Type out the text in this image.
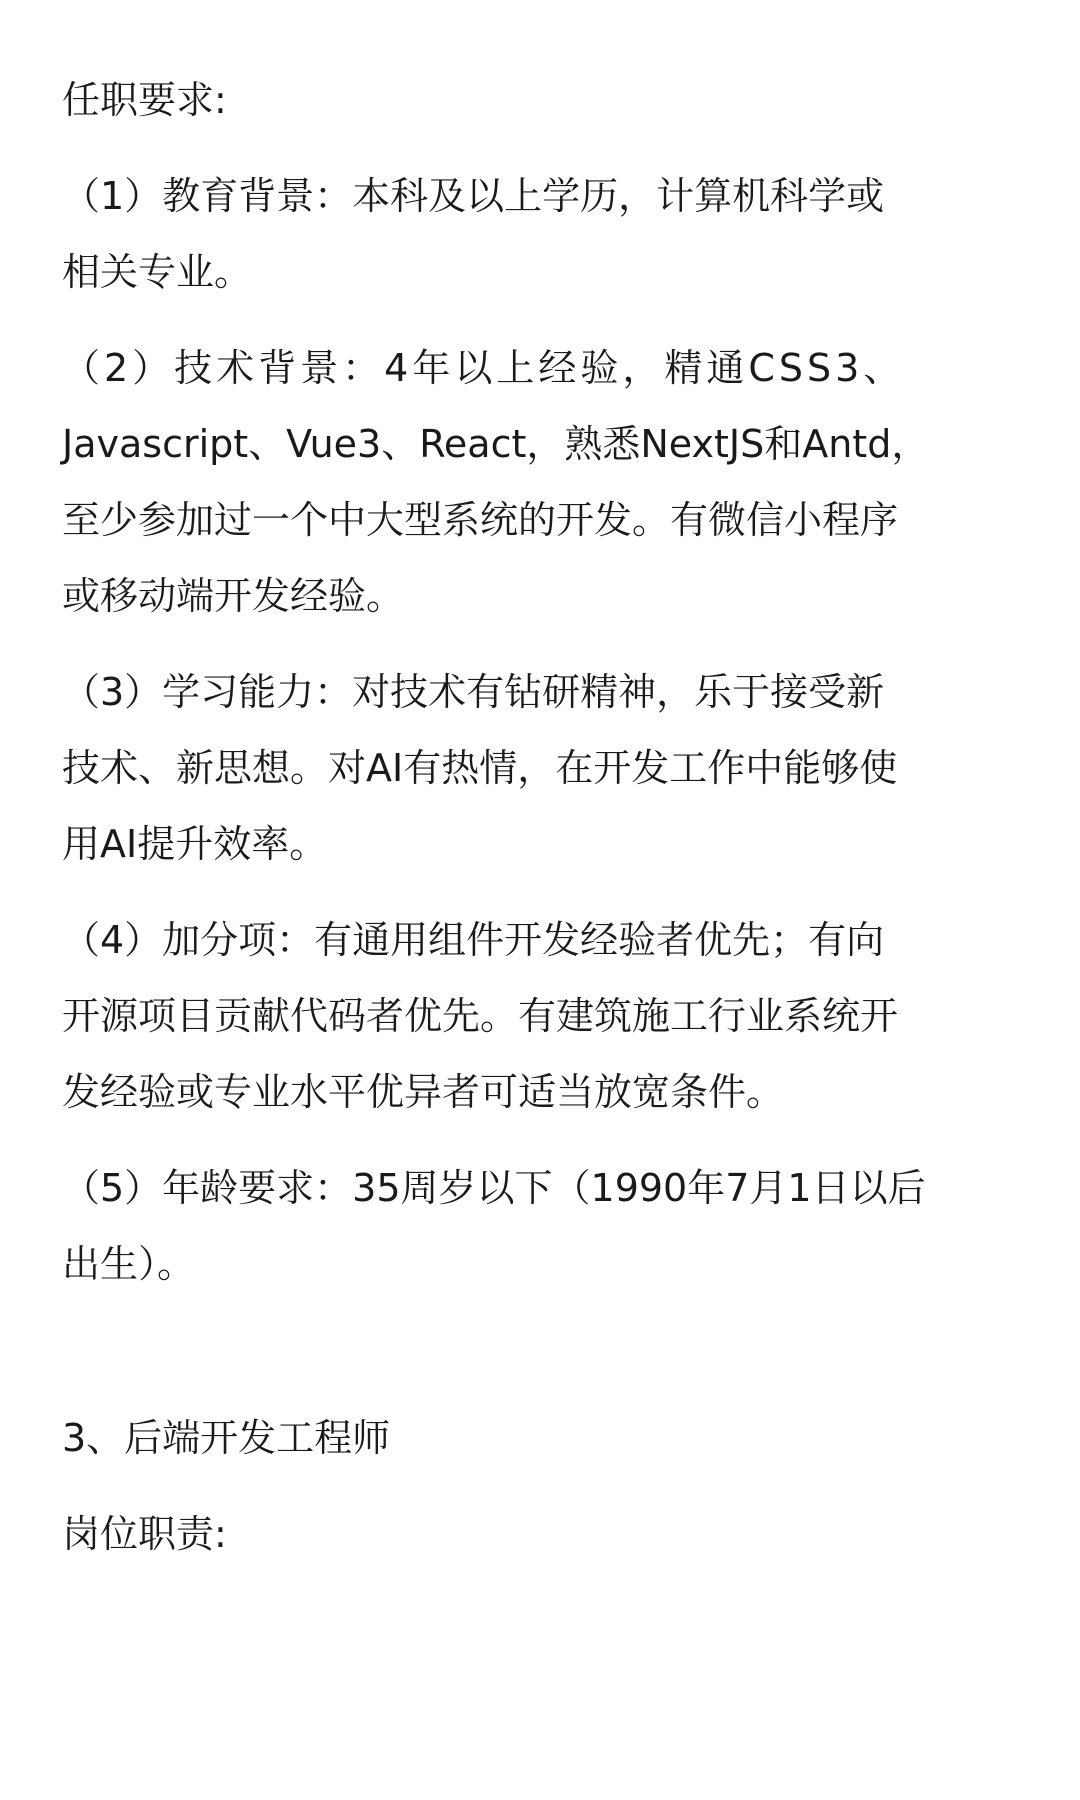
任职要求:
（1）教育背景：本科及以上学历，计算机科学或
相关专业。
（2）技术背景：4年以上经验，精通CSS3、
Javascript、Vue3、React，熟悉NextJS和Antd，
至少参加过一个中大型系统的开发。有微信小程序
或移动端开发经验。
（3）学习能力：对技术有钻研精神，乐于接受新
技术、新思想。对AI有热情，在开发工作中能够使
用AI提升效率。
（4）加分项：有通用组件开发经验者优先；有向
开源项目贡献代码者优先。有建筑施工行业系统开
发经验或专业水平优异者可适当放宽条件。
（5）年龄要求：35周岁以下（1990年7月1日以后
出生）。
3、后端开发工程师
岗位职责:
